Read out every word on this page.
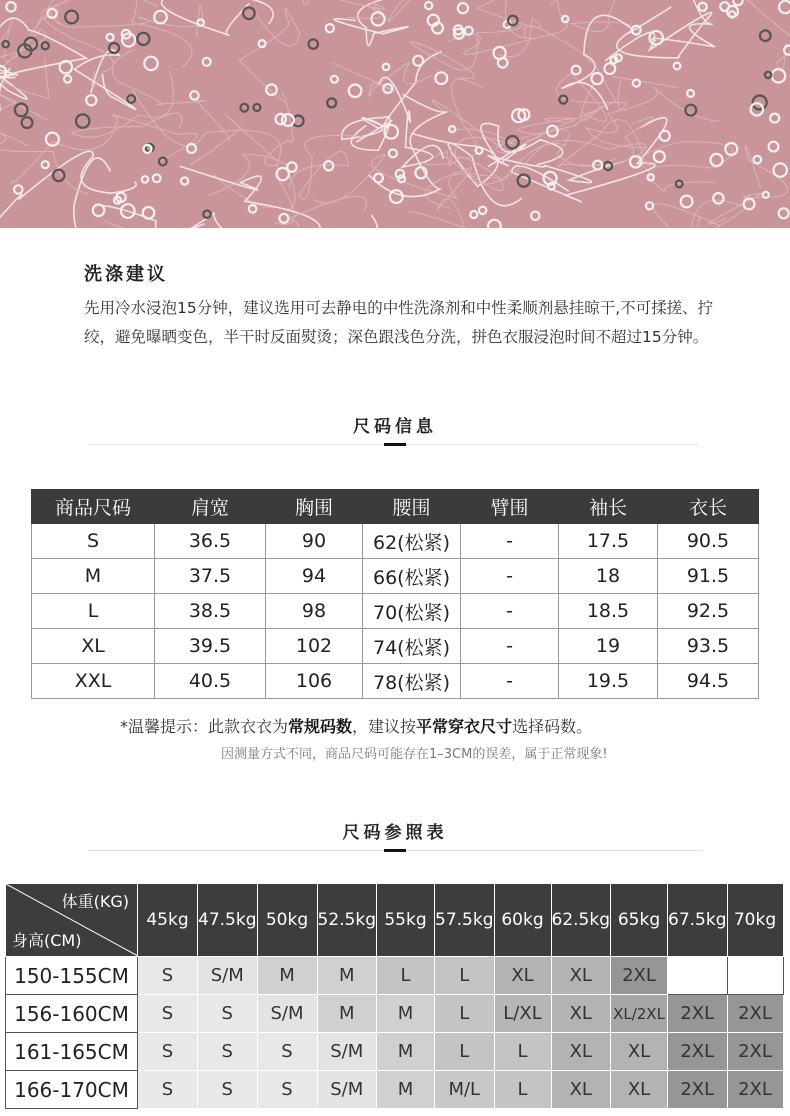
洗涤建议
先用冷水浸泡15分钟，建议选用可去静电的中性洗涤剂和中性柔顺剂悬挂晾干,不可揉搓、拧绞，避免曝晒变色，半干时反面熨烫；深色跟浅色分洗，拼色衣服浸泡时间不超过15分钟。
尺码信息
商品尺码	肩宽	胸围	腰围	臂围	袖长	衣长
S	36.5	90	62(松紧)	-	17.5	90.5
M	37.5	94	66(松紧)	-	18	91.5
L	38.5	98	70(松紧)	-	18.5	92.5
XL	39.5	102	74(松紧)	-	19	93.5
XXL	40.5	106	78(松紧)	-	19.5	94.5
*温馨提示：此款衣衣为常规码数，建议按平常穿衣尺寸选择码数。
因测量方式不同，商品尺码可能存在1–3CM的误差，属于正常现象!
尺码参照表
体重(KG)
身高(CM)	45kg	47.5kg	50kg	52.5kg	55kg	57.5kg	60kg	62.5kg	65kg	67.5kg	70kg
150-155CM	S	S/M	M	M	L	L	XL	XL	2XL		
156-160CM	S	S	S/M	M	M	L	L/XL	XL	XL/2XL	2XL	2XL
161-165CM	S	S	S	S/M	M	L	L	XL	XL	2XL	2XL
166-170CM	S	S	S	S/M	M	M/L	L	XL	XL	2XL	2XL
